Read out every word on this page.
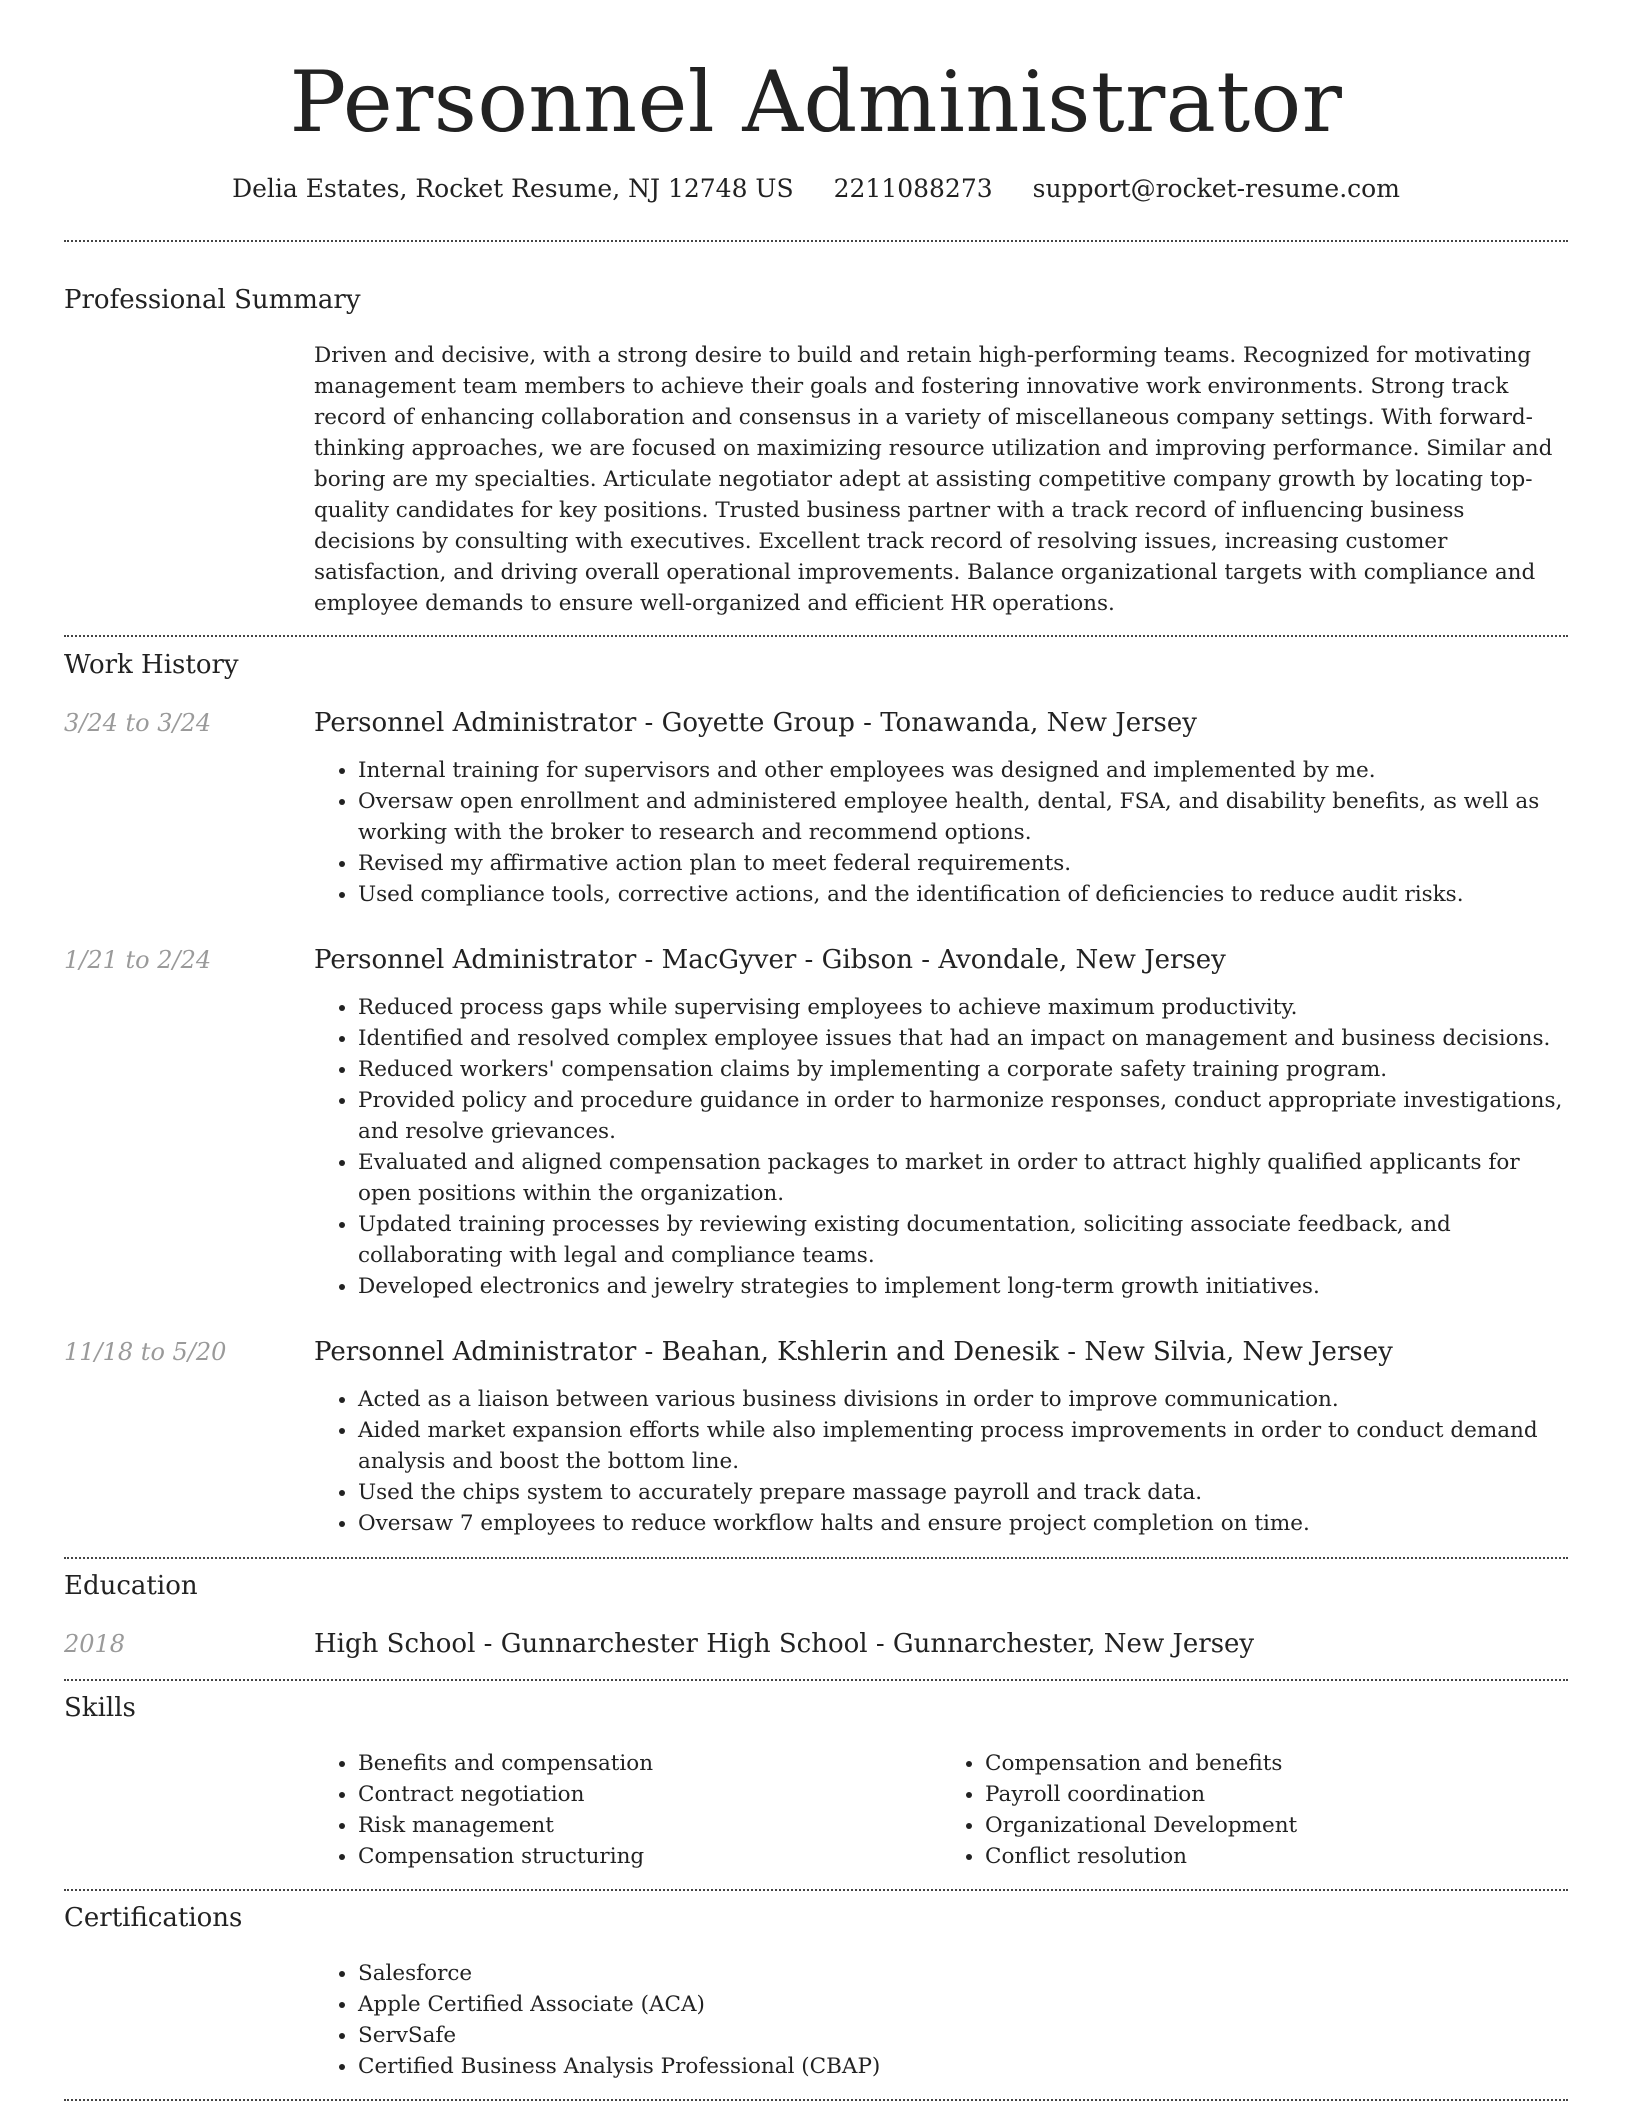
Personnel Administrator
Delia Estates, Rocket Resume, NJ 12748 US 2211088273 support@rocket-resume.com
Professional Summary

Driven and decisive, with a strong desire to build and retain high-performing teams. Recognized for motivating management team members to achieve their goals and fostering innovative work environments. Strong track record of enhancing collaboration and consensus in a variety of miscellaneous company settings. With forward-thinking approaches, we are focused on maximizing resource utilization and improving performance. Similar and boring are my specialties. Articulate negotiator adept at assisting competitive company growth by locating top-quality candidates for key positions. Trusted business partner with a track record of influencing business decisions by consulting with executives. Excellent track record of resolving issues, increasing customer satisfaction, and driving overall operational improvements. Balance organizational targets with compliance and employee demands to ensure well-organized and efficient HR operations.

Work History
3/24 to 3/24	Personnel Administrator - Goyette Group - Tonawanda, New Jersey
• Internal training for supervisors and other employees was designed and implemented by me.
• Oversaw open enrollment and administered employee health, dental, FSA, and disability benefits, as well as working with the broker to research and recommend options.
• Revised my affirmative action plan to meet federal requirements.
• Used compliance tools, corrective actions, and the identification of deficiencies to reduce audit risks.
1/21 to 2/24	Personnel Administrator - MacGyver - Gibson - Avondale, New Jersey
• Reduced process gaps while supervising employees to achieve maximum productivity.
• Identified and resolved complex employee issues that had an impact on management and business decisions.
• Reduced workers' compensation claims by implementing a corporate safety training program.
• Provided policy and procedure guidance in order to harmonize responses, conduct appropriate investigations, and resolve grievances.
• Evaluated and aligned compensation packages to market in order to attract highly qualified applicants for open positions within the organization.
• Updated training processes by reviewing existing documentation, soliciting associate feedback, and collaborating with legal and compliance teams.
• Developed electronics and jewelry strategies to implement long-term growth initiatives.
11/18 to 5/20	Personnel Administrator - Beahan, Kshlerin and Denesik - New Silvia, New Jersey
• Acted as a liaison between various business divisions in order to improve communication.
• Aided market expansion efforts while also implementing process improvements in order to conduct demand analysis and boost the bottom line.
• Used the chips system to accurately prepare massage payroll and track data.
• Oversaw 7 employees to reduce workflow halts and ensure project completion on time.
Education
2018	High School - Gunnarchester High School - Gunnarchester, New Jersey
Skills
• Benefits and compensation
• Contract negotiation
• Risk management
• Compensation structuring
• Compensation and benefits
• Payroll coordination
• Organizational Development
• Conflict resolution
Certifications
• Salesforce
• Apple Certified Associate (ACA)
• ServSafe
• Certified Business Analysis Professional (CBAP)
